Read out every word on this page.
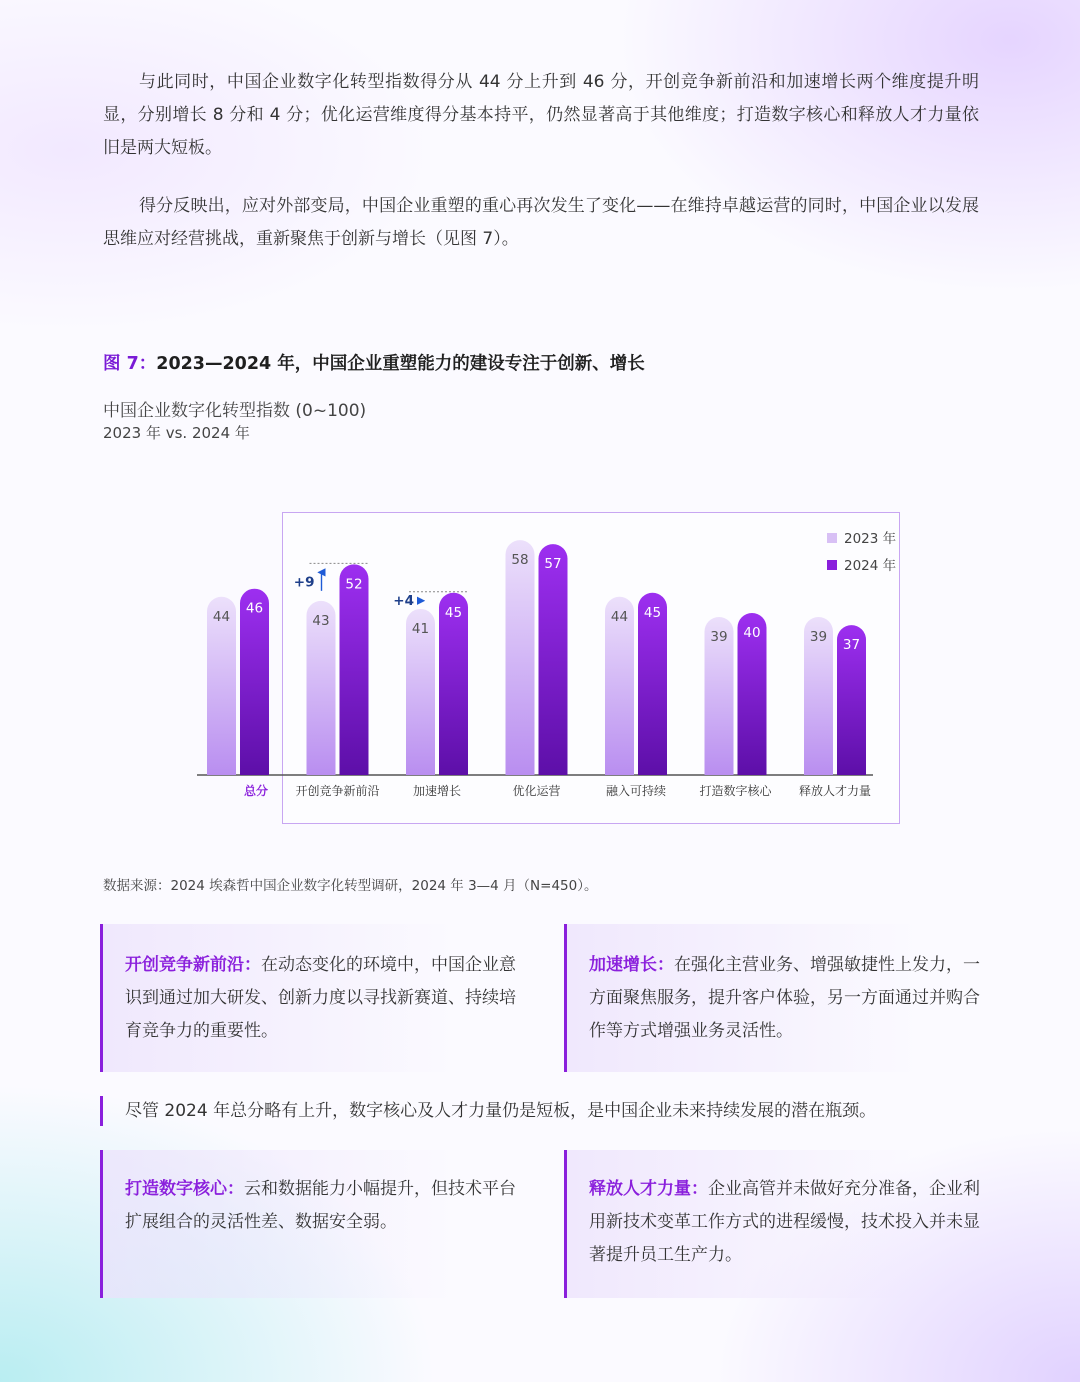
与此同时，中国企业数字化转型指数得分从 44 分上升到 46 分，开创竞争新前沿和加速增长两个维度提升明显，分别增长 8 分和 4 分；优化运营维度得分基本持平，仍然显著高于其他维度；打造数字核心和释放人才力量依旧是两大短板。

得分反映出，应对外部变局，中国企业重塑的重心再次发生了变化——在维持卓越运营的同时，中国企业以发展思维应对经营挑战，重新聚焦于创新与增长（见图 7）。

图 7：2023—2024 年，中国企业重塑能力的建设专注于创新、增长
中国企业数字化转型指数 (0~100)
2023 年 vs. 2024 年
44
46
总分
43
52
开创竞争新前沿
41
45
加速增长
58 57
优化运营
44 45
融入可持续
39 40
打造数字核心
39
37
释放人才力量
+9
+4
2023 年
2024 年
数据来源：2024 埃森哲中国企业数字化转型调研，2024 年 3—4 月（N=450）。
开创竞争新前沿：在动态变化的环境中，中国企业意识到通过加大研发、创新力度以寻找新赛道、持续培育竞争力的重要性。
加速增长：在强化主营业务、增强敏捷性上发力，一方面聚焦服务，提升客户体验，另一方面通过并购合作等方式增强业务灵活性。
尽管 2024 年总分略有上升，数字核心及人才力量仍是短板，是中国企业未来持续发展的潜在瓶颈。
打造数字核心：云和数据能力小幅提升，但技术平台扩展组合的灵活性差、数据安全弱。
释放人才力量：企业高管并未做好充分准备，企业利用新技术变革工作方式的进程缓慢，技术投入并未显著提升员工生产力。
